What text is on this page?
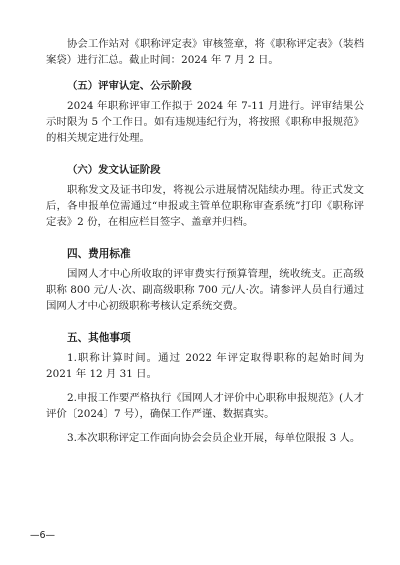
协会工作站对《职称评定表》审核签章，将《职称评定表》（装档案袋）进行汇总。截止时间：2024 年 7 月 2 日。

（五）评审认定、公示阶段

2024 年职称评审工作拟于 2024 年 7-11 月进行。评审结果公示时限为 5 个工作日。如有违规违纪行为，将按照《职称申报规范》的相关规定进行处理。

（六）发文认证阶段

职称发文及证书印发，将视公示进展情况陆续办理。待正式发文后，各申报单位需通过“申报或主管单位职称审查系统”打印《职称评定表》2 份，在相应栏目签字、盖章并归档。

四、费用标准

国网人才中心所收取的评审费实行预算管理，统收统支。正高级职称 800 元/人·次、副高级职称 700 元/人·次。请参评人员自行通过国网人才中心初级职称考核认定系统交费。

五、其他事项

1.职称计算时间。通过 2022 年评定取得职称的起始时间为 2021 年 12 月 31 日。

2.申报工作要严格执行《国网人才评价中心职称申报规范》(人才评价〔2024〕7 号），确保工作严谨、数据真实。

3.本次职称评定工作面向协会会员企业开展，每单位限报 3 人。

—6—
